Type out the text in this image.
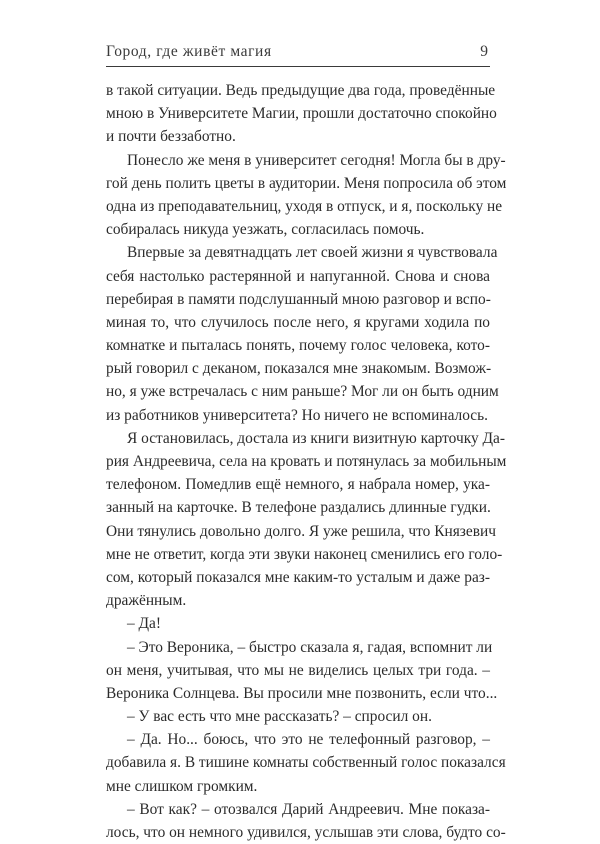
Город, где живёт магия	9
в такой ситуации. Ведь предыдущие два года, проведённые
мною в Университете Магии, прошли достаточно спокойно
и почти беззаботно.
Понесло же меня в университет сегодня! Могла бы в дру-
гой день полить цветы в аудитории. Меня попросила об этом
одна из преподавательниц, уходя в отпуск, и я, поскольку не
собиралась никуда уезжать, согласилась помочь.
Впервые за девятнадцать лет своей жизни я чувствовала
себя настолько растерянной и напуганной. Снова и снова
перебирая в памяти подслушанный мною разговор и вспо-
миная то, что случилось после него, я кругами ходила по
комнатке и пыталась понять, почему голос человека, кото-
рый говорил с деканом, показался мне знакомым. Возмож-
но, я уже встречалась с ним раньше? Мог ли он быть одним
из работников университета? Но ничего не вспоминалось.
Я остановилась, достала из книги визитную карточку Да-
рия Андреевича, села на кровать и потянулась за мобильным
телефоном. Помедлив ещё немного, я набрала номер, ука-
занный на карточке. В телефоне раздались длинные гудки.
Они тянулись довольно долго. Я уже решила, что Князевич
мне не ответит, когда эти звуки наконец сменились его голо-
сом, который показался мне каким-то усталым и даже раз-
дражённым.
– Да!
– Это Вероника, – быстро сказала я, гадая, вспомнит ли
он меня, учитывая, что мы не виделись целых три года. –
Вероника Солнцева. Вы просили мне позвонить, если что...
– У вас есть что мне рассказать? – спросил он.
– Да. Но... боюсь, что это не телефонный разговор, –
добавила я. В тишине комнаты собственный голос показался
мне слишком громким.
– Вот как? – отозвался Дарий Андреевич. Мне показа-
лось, что он немного удивился, услышав эти слова, будто со-
